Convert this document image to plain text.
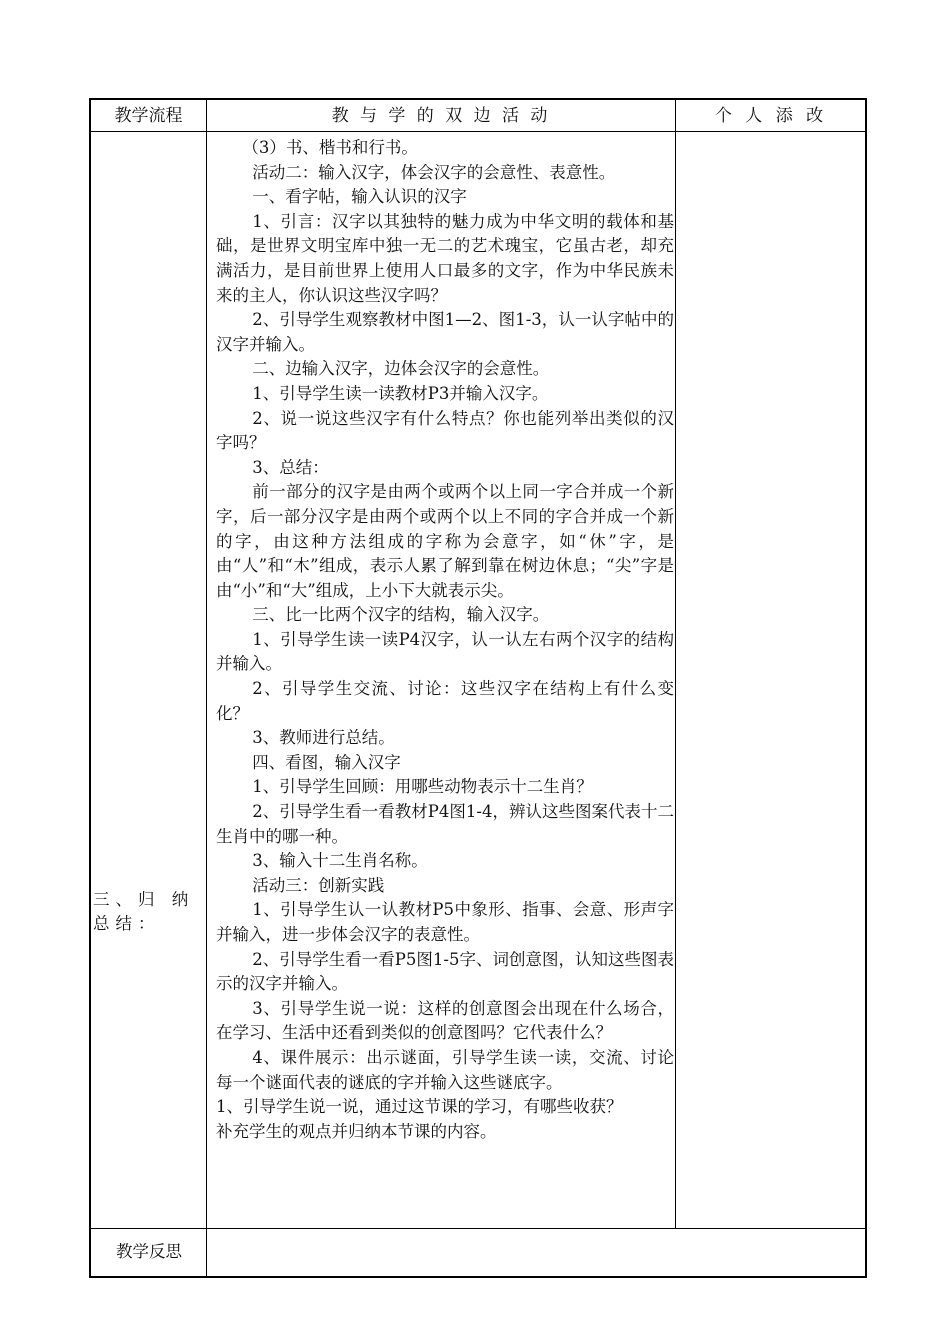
教学流程	教 与 学 的 双 边 活 动	个 人 添 改
三、归 纳 总结：

（3）书、楷书和行书。

活动二：输入汉字，体会汉字的会意性、表意性。

一、看字帖，输入认识的汉字

1、引言：汉字以其独特的魅力成为中华文明的载体和基础，是世界文明宝库中独一无二的艺术瑰宝，它虽古老，却充满活力，是目前世界上使用人口最多的文字，作为中华民族未来的主人，你认识这些汉字吗？

2、引导学生观察教材中图1—2、图1-3，认一认字帖中的汉字并输入。

二、边输入汉字，边体会汉字的会意性。

1、引导学生读一读教材P3并输入汉字。

2、说一说这些汉字有什么特点？你也能列举出类似的汉字吗？

3、总结：

前一部分的汉字是由两个或两个以上同一字合并成一个新字，后一部分汉字是由两个或两个以上不同的字合并成一个新的字，由这种方法组成的字称为会意字，如“休”字，是由“人”和“木”组成，表示人累了解到靠在树边休息；“尖”字是由“小”和“大”组成，上小下大就表示尖。

三、比一比两个汉字的结构，输入汉字。

1、引导学生读一读P4汉字，认一认左右两个汉字的结构并输入。

2、引导学生交流、讨论：这些汉字在结构上有什么变化？

3、教师进行总结。

四、看图，输入汉字

1、引导学生回顾：用哪些动物表示十二生肖？

2、引导学生看一看教材P4图1-4，辨认这些图案代表十二生肖中的哪一种。

3、输入十二生肖名称。

活动三：创新实践

1、引导学生认一认教材P5中象形、指事、会意、形声字并输入，进一步体会汉字的表意性。

2、引导学生看一看P5图1-5字、词创意图，认知这些图表示的汉字并输入。

3、引导学生说一说：这样的创意图会出现在什么场合，在学习、生活中还看到类似的创意图吗？它代表什么？

4、课件展示：出示谜面，引导学生读一读，交流、讨论每一个谜面代表的谜底的字并输入这些谜底字。

1、引导学生说一说，通过这节课的学习，有哪些收获？

补充学生的观点并归纳本节课的内容。

教学反思
